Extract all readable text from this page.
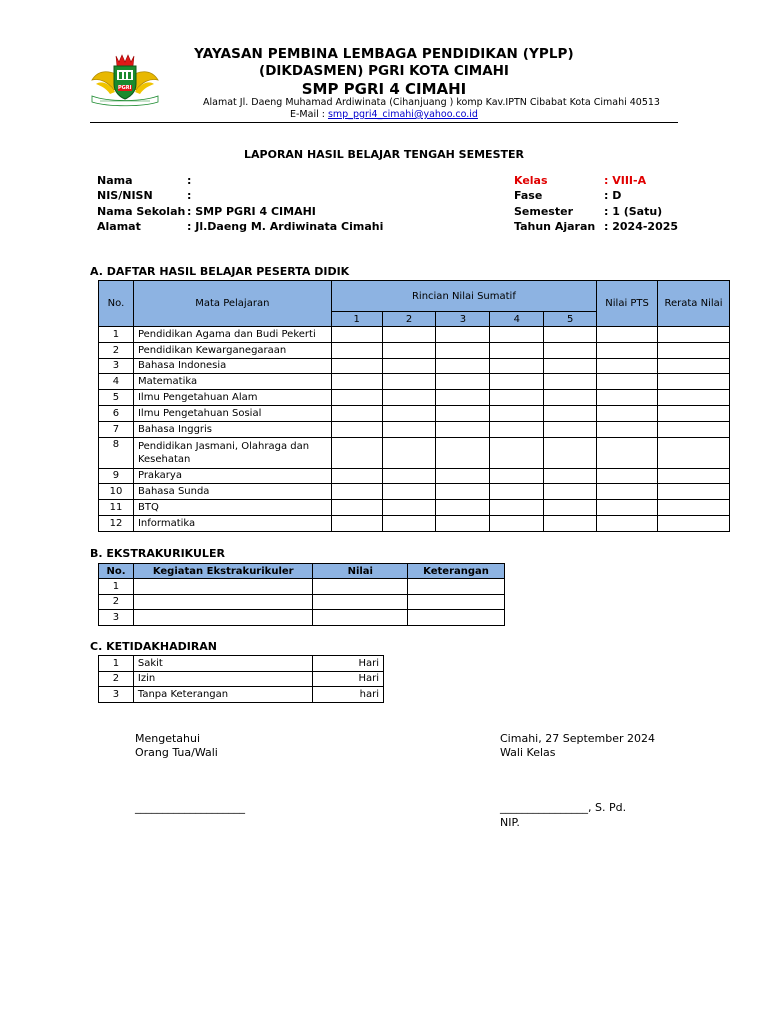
PGRI
YAYASAN PEMBINA LEMBAGA PENDIDIKAN (YPLP)
(DIKDASMEN) PGRI KOTA CIMAHI
SMP PGRI 4 CIMAHI
Alamat Jl. Daeng Muhamad Ardiwinata (Cihanjuang ) komp Kav.IPTN Cibabat Kota Cimahi 40513
E-Mail : smp_pgri4_cimahi@yahoo.co.id
LAPORAN HASIL BELAJAR TENGAH SEMESTER
Nama	:
NIS/NISN	:
Nama Sekolah : SMP PGRI 4 CIMAHI
Alamat	: Jl.Daeng M. Ardiwinata Cimahi
Kelas	: VIII-A
Fase	: D
Semester	: 1 (Satu)
Tahun Ajaran : 2024-2025
A. DAFTAR HASIL BELAJAR PESERTA DIDIK
No.	Mata Pelajaran	Rincian Nilai Sumatif					Nilai PTS	Rerata Nilai
		1	2	3	4	5		
1	Pendidikan Agama dan Budi Pekerti							
2	Pendidikan Kewarganegaraan							
3	Bahasa Indonesia							
4	Matematika							
5	Ilmu Pengetahuan Alam							
6	Ilmu Pengetahuan Sosial							
7	Bahasa Inggris							
8	Pendidikan Jasmani, Olahraga dan Kesehatan							
9	Prakarya							
10	Bahasa Sunda							
11	BTQ							
12	Informatika							
B. EKSTRAKURIKULER
No.	Kegiatan Ekstrakurikuler	Nilai	Keterangan
1			
2			
3			
C. KETIDAKHADIRAN
1	Sakit	Hari
2	Izin	Hari
3	Tanpa Keterangan	hari
Mengetahui
Orang Tua/Wali
____________________
Cimahi, 27 September 2024
Wali Kelas
________________, S. Pd.
NIP.
